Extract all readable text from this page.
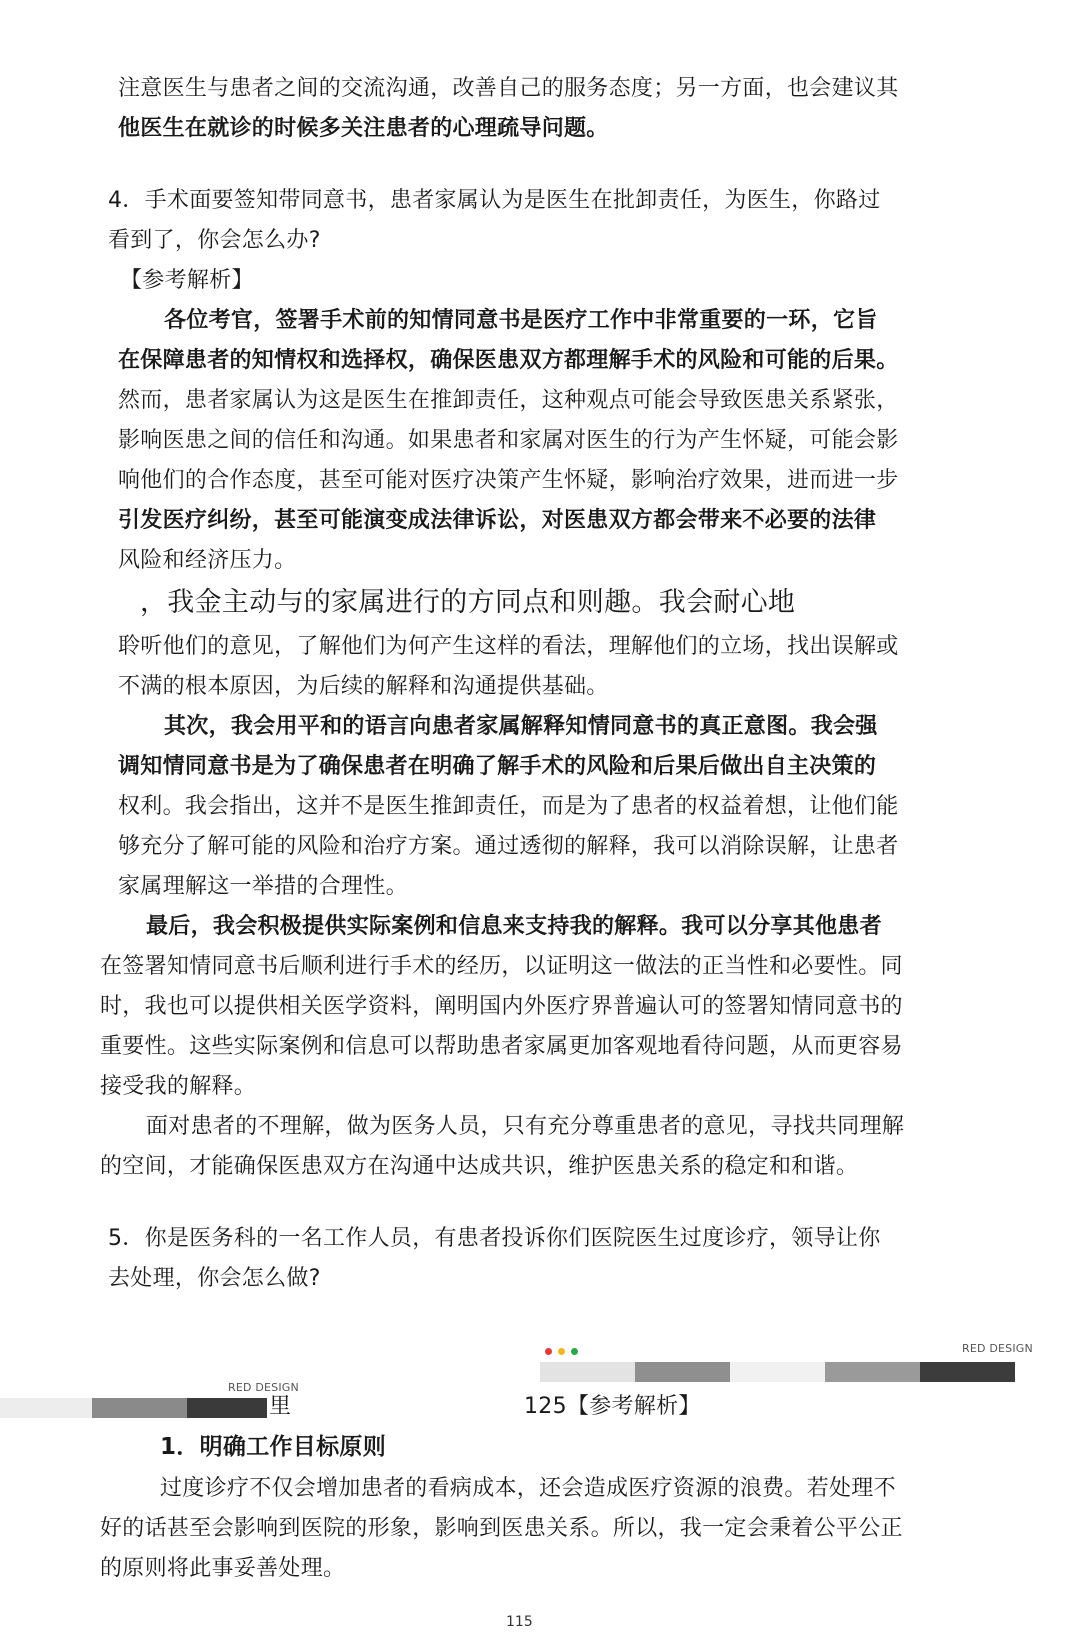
注意医生与患者之间的交流沟通，改善自己的服务态度；另一方面，也会建议其
他医生在就诊的时候多关注患者的心理疏导问题。
4．手术面要签知带同意书，患者家属认为是医生在批卸责任，为医生，你路过
看到了，你会怎么办?
【参考解析】
各位考官，签署手术前的知情同意书是医疗工作中非常重要的一环，它旨
在保障患者的知情权和选择权，确保医患双方都理解手术的风险和可能的后果。
然而，患者家属认为这是医生在推卸责任，这种观点可能会导致医患关系紧张，
影响医患之间的信任和沟通。如果患者和家属对医生的行为产生怀疑，可能会影
响他们的合作态度，甚至可能对医疗决策产生怀疑，影响治疗效果，进而进一步
引发医疗纠纷，甚至可能演变成法律诉讼，对医患双方都会带来不必要的法律
风险和经济压力。
，我金主动与的家属进行的方同点和则趣。我会耐心地
聆听他们的意见，了解他们为何产生这样的看法，理解他们的立场，找出误解或
不满的根本原因，为后续的解释和沟通提供基础。
其次，我会用平和的语言向患者家属解释知情同意书的真正意图。我会强
调知情同意书是为了确保患者在明确了解手术的风险和后果后做出自主决策的
权利。我会指出，这并不是医生推卸责任，而是为了患者的权益着想，让他们能
够充分了解可能的风险和治疗方案。通过透彻的解释，我可以消除误解，让患者
家属理解这一举措的合理性。
最后，我会积极提供实际案例和信息来支持我的解释。我可以分享其他患者
在签署知情同意书后顺利进行手术的经历，以证明这一做法的正当性和必要性。同
时，我也可以提供相关医学资料，阐明国内外医疗界普遍认可的签署知情同意书的
重要性。这些实际案例和信息可以帮助患者家属更加客观地看待问题，从而更容易
接受我的解释。
面对患者的不理解，做为医务人员，只有充分尊重患者的意见，寻找共同理解
的空间，才能确保医患双方在沟通中达成共识，维护医患关系的稳定和和谐。
5．你是医务科的一名工作人员，有患者投诉你们医院医生过度诊疗，领导让你
去处理，你会怎么做?
RED DESIGN
RED DESIGN
里	125【参考解析】
1．明确工作目标原则
过度诊疗不仅会增加患者的看病成本，还会造成医疗资源的浪费。若处理不
好的话甚至会影响到医院的形象，影响到医患关系。所以，我一定会秉着公平公正
的原则将此事妥善处理。
115
